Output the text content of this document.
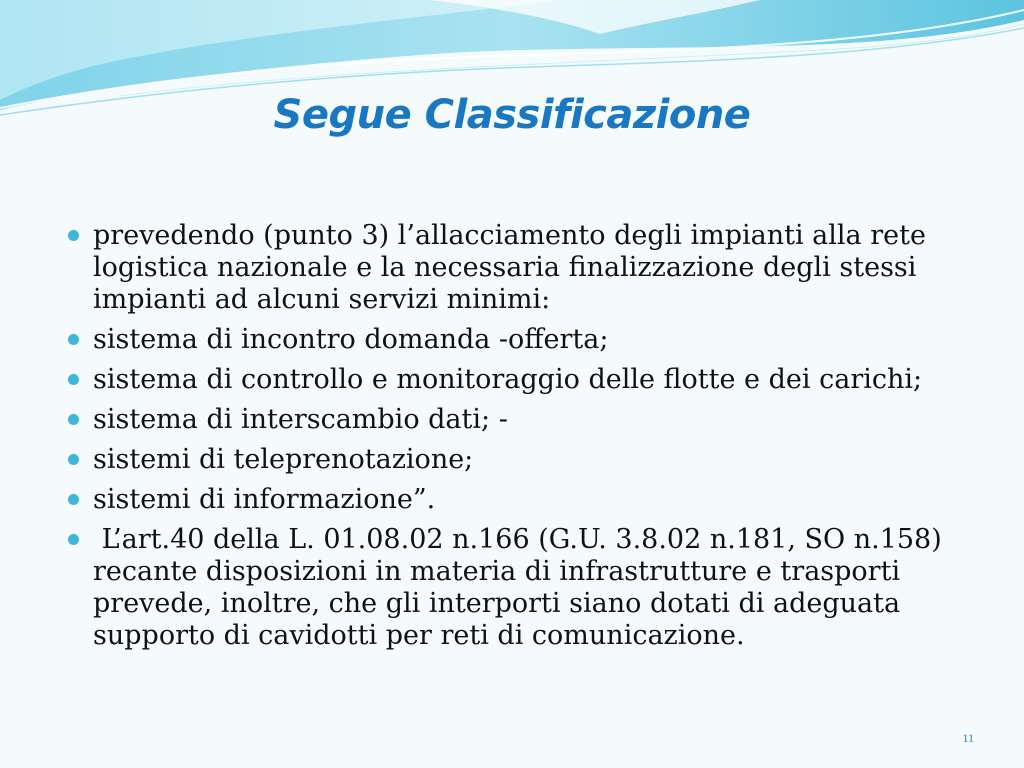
Segue Classificazione
prevedendo (punto 3) l’allacciamento degli impianti alla rete logistica nazionale e la necessaria finalizzazione degli stessi impianti ad alcuni servizi minimi:
sistema di incontro domanda -offerta;
sistema di controllo e monitoraggio delle flotte e dei carichi;
sistema di interscambio dati; -
sistemi di teleprenotazione;
sistemi di informazione”.
L’art.40 della L. 01.08.02 n.166 (G.U. 3.8.02 n.181, SO n.158) recante disposizioni in materia di infrastrutture e trasporti prevede, inoltre, che gli interporti siano dotati di adeguata supporto di cavidotti per reti di comunicazione.
11
